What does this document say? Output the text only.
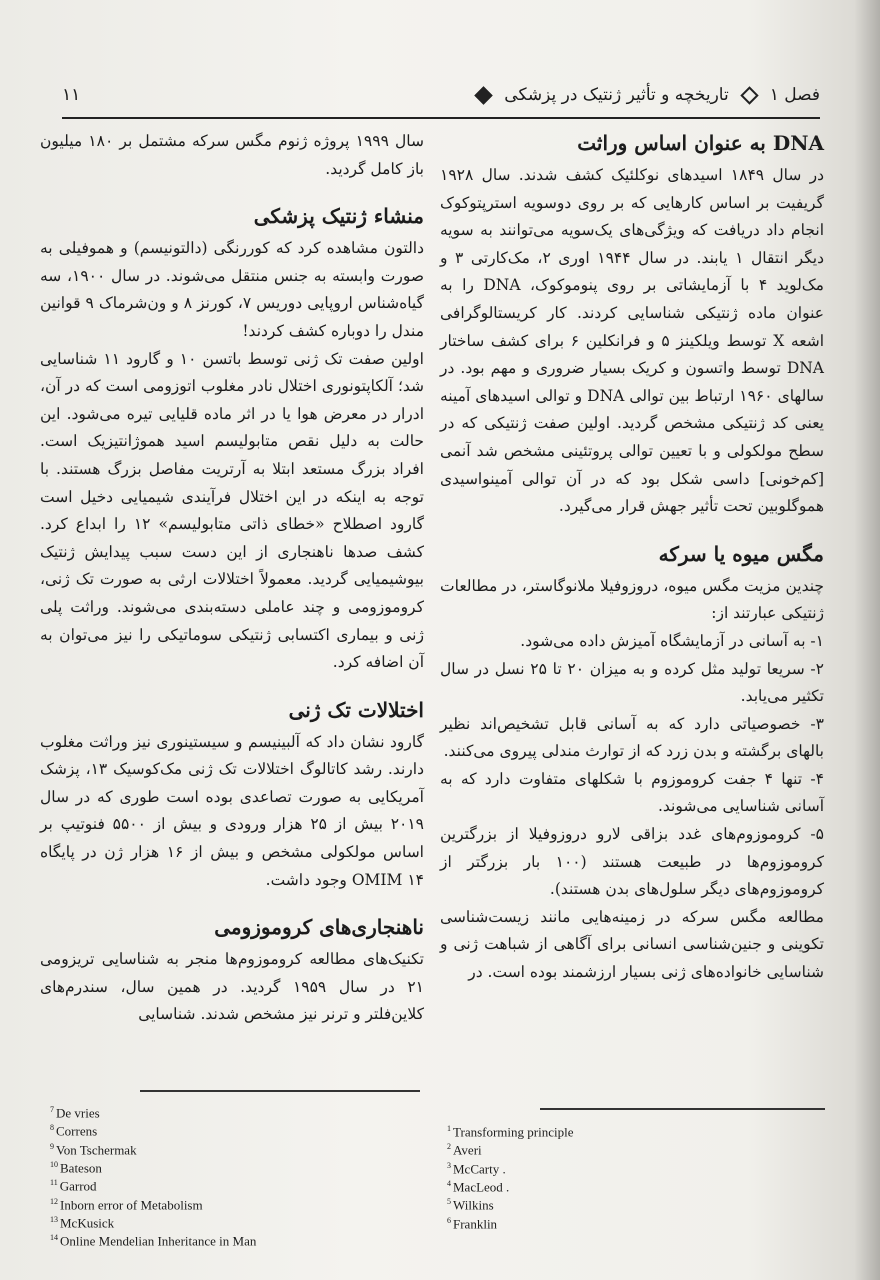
فصل ۱
تاریخچه و تأثیر ژنتیک در پزشکی
۱۱
DNA به عنوان اساس وراثت

در سال ۱۸۴۹ اسیدهای نوکلئیک کشف شدند. سال ۱۹۲۸ گریفیت بر اساس کارهایی که بر روی دوسویه استرپتوکوک انجام داد دریافت که ویژگی‌های یک‌سویه می‌توانند به سویه دیگر انتقال ۱ یابند. در سال ۱۹۴۴ اوری ۲، مک‌کارتی ۳ و مک‌لوید ۴ با آزمایشاتی بر روی پنوموکوک، DNA را به عنوان ماده ژنتیکی شناسایی کردند. کار کریستالوگرافی اشعه X توسط ویلکینز ۵ و فرانکلین ۶ برای کشف ساختار DNA توسط واتسون و کریک بسیار ضروری و مهم بود. در سالهای ۱۹۶۰ ارتباط بین توالی DNA و توالی اسیدهای آمینه یعنی کد ژنتیکی مشخص گردید. اولین صفت ژنتیکی که در سطح مولکولی و با تعیین توالی پروتئینی مشخص شد آنمی [کم‌خونی] داسی شکل بود که در آن توالی آمینواسیدی هموگلوبین تحت تأثیر جهش قرار می‌گیرد.

مگس میوه یا سرکه

چندین مزیت مگس میوه، دروزوفیلا ملانوگاستر، در مطالعات ژنتیکی عبارتند از:

۱- به آسانی در آزمایشگاه آمیزش داده می‌شود.

۲- سریعا تولید مثل کرده و به میزان ۲۰ تا ۲۵ نسل در سال تکثیر می‌یابد.

۳- خصوصیاتی دارد که به آسانی قابل تشخیص‌اند نظیر بالهای برگشته و بدن زرد که از توارث مندلی پیروی می‌کنند.

۴- تنها ۴ جفت کروموزوم با شکلهای متفاوت دارد که به آسانی شناسایی می‌شوند.

۵- کروموزوم‌های غدد بزاقی لارو دروزوفیلا از بزرگترین کروموزوم‌ها در طبیعت هستند (۱۰۰ بار بزرگتر از کروموزوم‌های دیگر سلول‌های بدن هستند).

مطالعه مگس سرکه در زمینه‌هایی مانند زیست‌شناسی تکوینی و جنین‌شناسی انسانی برای آگاهی از شباهت ژنی و شناسایی خانواده‌های ژنی بسیار ارزشمند بوده است. در

سال ۱۹۹۹ پروژه ژنوم مگس سرکه مشتمل بر ۱۸۰ میلیون باز کامل گردید.

منشاء ژنتیک پزشکی

دالتون مشاهده کرد که کوررنگی (دالتونیسم) و هموفیلی به صورت وابسته به جنس منتقل می‌شوند. در سال ۱۹۰۰، سه گیاه‌شناس اروپایی دوریس ۷، کورنز ۸ و ون‌شرماک ۹ قوانین مندل را دوباره کشف کردند!

اولین صفت تک ژنی توسط باتسن ۱۰ و گارود ۱۱ شناسایی شد؛ آلکاپتونوری اختلال نادر مغلوب اتوزومی است که در آن، ادرار در معرض هوا یا در اثر ماده قلیایی تیره می‌شود. این حالت به دلیل نقص متابولیسم اسید هموژانتیزیک است. افراد بزرگ مستعد ابتلا به آرتریت مفاصل بزرگ هستند. با توجه به اینکه در این اختلال فرآیندی شیمیایی دخیل است گارود اصطلاح «خطای ذاتی متابولیسم» ۱۲ را ابداع کرد. کشف صدها ناهنجاری از این دست سبب پیدایش ژنتیک بیوشیمیایی گردید. معمولاً اختلالات ارثی به صورت تک ژنی، کروموزومی و چند عاملی دسته‌بندی می‌شوند. وراثت پلی ژنی و بیماری اکتسابی ژنتیکی سوماتیکی را نیز می‌توان به آن اضافه کرد.

اختلالات تک ژنی

گارود نشان داد که آلبینیسم و سیستینوری نیز وراثت مغلوب دارند. رشد کاتالوگ اختلالات تک ژنی مک‌کوسیک ۱۳، پزشک آمریکایی به صورت تصاعدی بوده است طوری که در سال ۲۰۱۹ بیش از ۲۵ هزار ورودی و بیش از ۵۵۰۰ فنوتیپ بر اساس مولکولی مشخص و بیش از ۱۶ هزار ژن در پایگاه OMIM ۱۴ وجود داشت.

ناهنجاری‌های کروموزومی

تکنیک‌های مطالعه کروموزوم‌ها منجر به شناسایی تریزومی ۲۱ در سال ۱۹۵۹ گردید. در همین سال، سندرم‌های کلاین‌فلتر و ترنر نیز مشخص شدند. شناسایی

$^7$ De vries
$^8$ Correns
$^9$ Von Tschermak
$^{10}$ Bateson
$^{11}$ Garrod
$^{12}$ Inborn error of Metabolism
$^{13}$ McKusick
$^{14}$ Online Mendelian Inheritance in Man
$^1$ Transforming principle
$^2$ Averi
$^3$ McCarty .
$^4$ MacLeod .
$^5$ Wilkins
$^6$ Franklin
